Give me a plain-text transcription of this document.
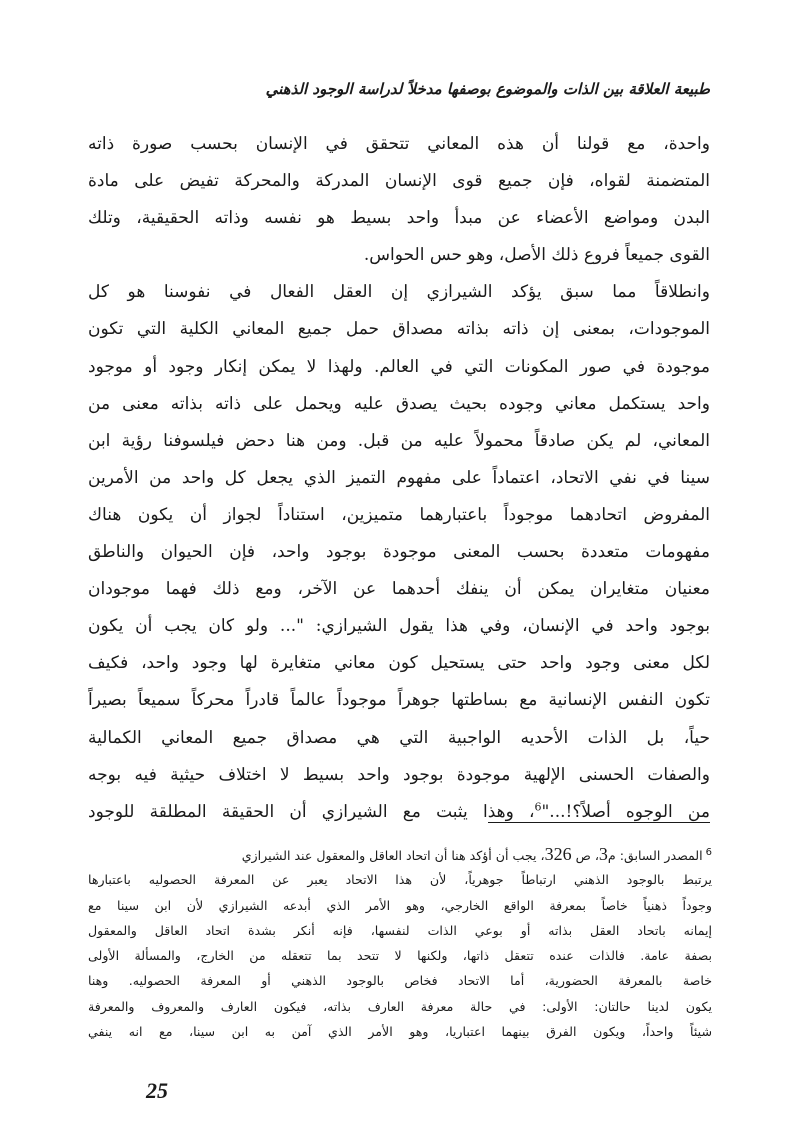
طبيعة العلاقة بين الذات والموضوع بوصفها مدخلاً لدراسة الوجود الذهني
واحدة، مع قولنا أن هذه المعاني تتحقق في الإنسان بحسب صورة ذاته
المتضمنة لقواه، فإن جميع قوى الإنسان المدركة والمحركة تفيض على مادة
البدن ومواضع الأعضاء عن مبدأ واحد بسيط هو نفسه وذاته الحقيقية، وتلك
القوى جميعاً فروع ذلك الأصل، وهو حس الحواس.
وانطلاقاً مما سبق يؤكد الشيرازي إن العقل الفعال في نفوسنا هو كل
الموجودات، بمعنى إن ذاته بذاته مصداق حمل جميع المعاني الكلية التي تكون
موجودة في صور المكونات التي في العالم. ولهذا لا يمكن إنكار وجود أو موجود
واحد يستكمل معاني وجوده بحيث يصدق عليه ويحمل على ذاته بذاته معنى من
المعاني، لم يكن صادقاً محمولاً عليه من قبل. ومن هنا دحض فيلسوفنا رؤية ابن
سينا في نفي الاتحاد، اعتماداً على مفهوم التميز الذي يجعل كل واحد من الأمرين
المفروض اتحادهما موجوداً باعتبارهما متميزين، استناداً لجواز أن يكون هناك
مفهومات متعددة بحسب المعنى موجودة بوجود واحد، فإن الحيوان والناطق
معنيان متغايران يمكن أن ينفك أحدهما عن الآخر، ومع ذلك فهما موجودان
بوجود واحد في الإنسان، وفي هذا يقول الشيرازي: "... ولو كان يجب أن يكون
لكل معنى وجود واحد حتى يستحيل كون معاني متغايرة لها وجود واحد، فكيف
تكون النفس الإنسانية مع بساطتها جوهراً موجوداً عالماً قادراً محركاً سميعاً بصيراً
حياً، بل الذات الأحديه الواجبية التي هي مصداق جميع المعاني الكمالية
والصفات الحسنى الإلهية موجودة بوجود واحد بسيط لا اختلاف حيثية فيه بوجه
من الوجوه أصلاً؟!..."$^6$، وهذا يثبت مع الشيرازي أن الحقيقة المطلقة للوجود
$^6$المصدر السابق: م3، ص 326، يجب أن أؤكد هنا أن اتحاد العاقل والمعقول عند الشيرازي
يرتبط بالوجود الذهني ارتباطاً جوهرياً، لأن هذا الاتحاد يعبر عن المعرفة الحصوليه باعتبارها
وجوداً ذهنياً خاصاً بمعرفة الواقع الخارجي، وهو الأمر الذي أبدعه الشيرازي لأن ابن سينا مع
إيمانه باتحاد العقل بذاته أو بوعي الذات لنفسها، فإنه أنكر بشدة اتحاد العاقل والمعقول
بصفة عامة. فالذات عنده تتعقل ذاتها، ولكنها لا تتحد بما تتعقله من الخارج، والمسألة الأولى
خاصة بالمعرفة الحضورية، أما الاتحاد فخاص بالوجود الذهني أو المعرفة الحصوليه. وهنا
يكون لدينا حالتان: الأولى: في حالة معرفة العارف بذاته، فيكون العارف والمعروف والمعرفة
شيئاً واحداً، ويكون الفرق بينهما اعتباريا، وهو الأمر الذي آمن به ابن سينا، مع انه ينفي
25
